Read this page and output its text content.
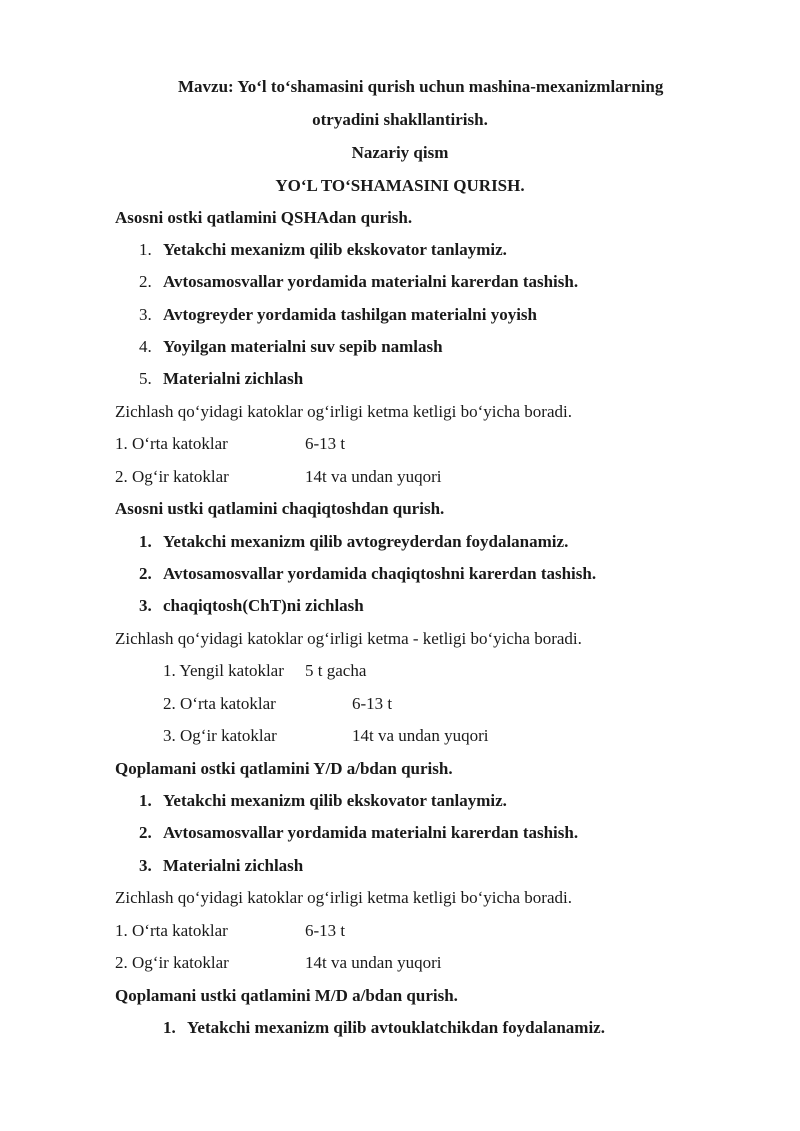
Mavzu: Yo‘l to‘shamasini qurish uchun mashina-mexanizmlarning
otryadini shakllantirish.
Nazariy qism
YO‘L TO‘SHAMASINI QURISH.
Asosni ostki qatlamini QSHAdan qurish.
1. Yetakchi mexanizm qilib ekskovator tanlaymiz.
2. Avtosamosvallar yordamida materialni karerdan tashish.
3. Avtogreyder yordamida tashilgan materialni yoyish
4. Yoyilgan materialni suv sepib namlash
5. Materialni zichlash
Zichlash qo‘yidagi katoklar og‘irligi ketma ketligi bo‘yicha boradi.
1. O‘rta katoklar	6-13 t
2. Og‘ir katoklar	14t va undan yuqori
Asosni ustki qatlamini chaqiqtoshdan qurish.
1. Yetakchi mexanizm qilib avtogreyderdan foydalanamiz.
2. Avtosamosvallar yordamida chaqiqtoshni karerdan tashish.
3. chaqiqtosh(ChT)ni zichlash
Zichlash qo‘yidagi katoklar og‘irligi ketma - ketligi bo‘yicha boradi.
1. Yengil katoklar 5 t gacha
2. O‘rta katoklar	6-13 t
3. Og‘ir katoklar	14t va undan yuqori
Qoplamani ostki qatlamini Y/D a/bdan qurish.
1. Yetakchi mexanizm qilib ekskovator tanlaymiz.
2. Avtosamosvallar yordamida materialni karerdan tashish.
3. Materialni zichlash
Zichlash qo‘yidagi katoklar og‘irligi ketma ketligi bo‘yicha boradi.
1. O‘rta katoklar	6-13 t
2. Og‘ir katoklar	14t va undan yuqori
Qoplamani ustki qatlamini M/D a/bdan qurish.
1. Yetakchi mexanizm qilib avtouklatchikdan foydalanamiz.
